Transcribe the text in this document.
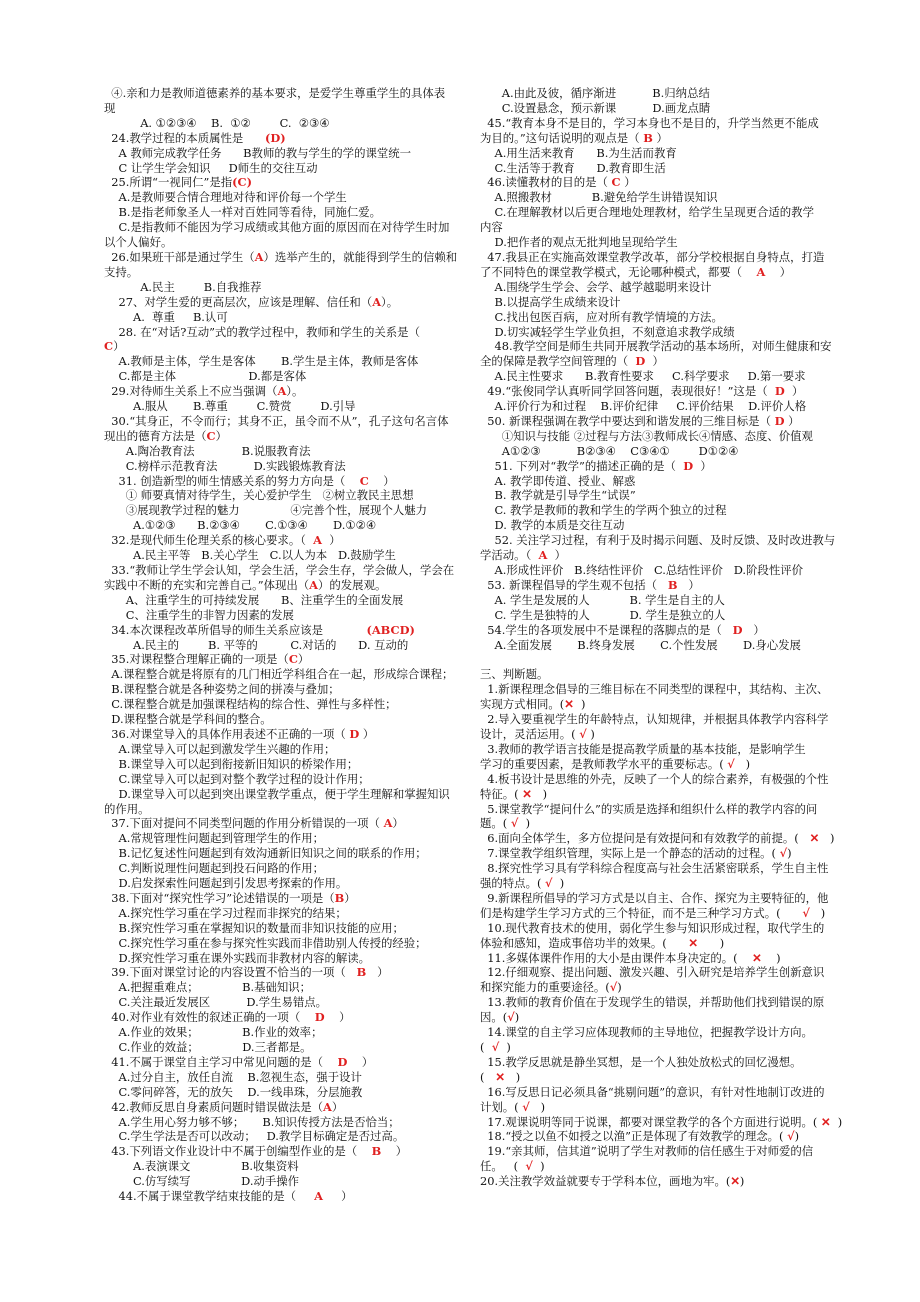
④.亲和力是教师道德素养的基本要求，是爱学生尊重学生的具体表
现
A. ①②③④    B.  ①②        C.  ②③④
24.教学过程的本质属性是      (D)
A 教师完成教学任务      B教师的教与学生的学的课堂统一
C 让学生学会知识     D师生的交往互动
25.所谓“一视同仁”是指(C)
A.是教师要合情合理地对待和评价每一个学生
B.是指老师象圣人一样对百姓同等看待，同施仁爱。
C.是指教师不能因为学习成绩或其他方面的原因而在对待学生时加
以个人偏好。
26.如果班干部是通过学生（A）选举产生的，就能得到学生的信赖和
支持。
A.民主        B.自我推荐
27、对学生爱的更高层次，应该是理解、信任和（A）。
A.  尊重     B.认可
28. 在“对话?互动”式的教学过程中，教师和学生的关系是（
C）
A.教师是主体，学生是客体       B.学生是主体，教师是客体
C.都是主体                    D.都是客体
29.对待师生关系上不应当强调（A）。
A.服从       B.尊重        C.赞赏        D.引导
30.“其身正，不令而行；其身不正，虽令而不从”，孔子这句名言体
现出的德育方法是（C）
A.陶冶教育法             B.说服教育法
C.榜样示范教育法          D.实践锻炼教育法
31. 创造新型的师生情感关系的努力方向是（    C    ）
① 师要真情对待学生，关心爱护学生   ②树立教民主思想
③展现教学过程的魅力              ④完善个性，展现个人魅力
A.①②③      B.②③④       C.①③④       D.①②④
32.是现代师生伦理关系的核心要求。（  A  ）
A.民主平等   B.关心学生   C.以人为本   D.鼓励学生
33.“教师让学生学会认知，学会生活，学会生存，学会做人，学会在
实践中不断的充实和完善自己。”体现出（A）的发展观。
A、注重学生的可持续发展      B、注重学生的全面发展
C、注重学生的非智力因素的发展
34.本次课程改革所倡导的师生关系应该是            (ABCD)
A.民主的        B. 平等的         C.对话的      D. 互动的
35.对课程整合理解正确的一项是（C）
A.课程整合就是将原有的几门相近学科组合在一起，形成综合课程；
B.课程整合就是各种姿势之间的拼凑与叠加；
C.课程整合就是加强课程结构的综合性、弹性与多样性；
D.课程整合就是学科间的整合。
36.对课堂导入的具体作用表述不正确的一项（ D ）
A.课堂导入可以起到激发学生兴趣的作用；
B.课堂导入可以起到衔接新旧知识的桥梁作用；
C.课堂导入可以起到对整个教学过程的设计作用；
D.课堂导入可以起到突出课堂教学重点，便于学生理解和掌握知识
的作用。
37.下面对提问不同类型问题的作用分析错误的一项（ A）
A.常规管理性问题起到管理学生的作用；
B.记忆复述性问题起到有效沟通新旧知识之间的联系的作用；
C.判断说理性问题起到投石问路的作用；
D.启发探索性问题起到引发思考探索的作用。
38.下面对“探究性学习”论述错误的一项是（B）
A.探究性学习重在学习过程而非探究的结果；
B.探究性学习重在掌握知识的数量而非知识技能的应用；
C.探究性学习重在参与探究性实践而非借助别人传授的经验；
D.探究性学习重在课外实践而非教材内容的解读。
39.下面对课堂讨论的内容设置不恰当的一项（   B   ）
A.把握重难点；            B.基础知识；
C.关注最近发展区          D.学生易错点。
40.对作业有效性的叙述正确的一项（    D    ）
A.作业的效果；            B.作业的效率；
C.作业的效益；            D.三者都是。
41.不属于课堂自主学习中常见问题的是（    D    ）
A.过分自主，放任自流    B.忽视生态，强于设计
C.零问碎答，无的放矢    D.一线串珠，分层施教
42.教师反思自身素质问题时错误做法是（A）
A.学生用心努力够不够；     B.知识传授方法是否恰当；
C.学生学法是否可以改动；   D.教学目标确定是否过高。
43.下列语文作业设计中不属于创编型作业的是（    B    ）
A.表演课文              B.收集资料
C.仿写续写              D.动手操作
44.不属于课堂教学结束技能的是（     A     ）
A.由此及彼，循序渐进          B.归纳总结
C.设置悬念，预示新课          D.画龙点睛
45.“教育本身不是目的，学习本身也不是目的，升学当然更不能成
为目的。”这句话说明的观点是（ B ）
A.用生活来教育      B.为生活而教育
C.生活等于教育      D.教育即生活
46.读懂教材的目的是（ C ）
A.照搬教材           B.避免给学生讲错误知识
C.在理解教材以后更合理地处理教材，给学生呈现更合适的教学
内容
D.把作者的观点无批判地呈现给学生
47.我县正在实施高效课堂教学改革，部分学校根据自身特点，打造
了不同特色的课堂教学模式，无论哪种模式，都要（    A    ）
A.围绕学生学会、会学、越学越聪明来设计
B.以提高学生成绩来设计
C.找出包医百病，应对所有教学情境的方法。
D.切实减轻学生学业负担，不刻意追求教学成绩
48.教学空间是师生共同开展教学活动的基本场所，对师生健康和安
全的保障是教学空间管理的（  D  ）
A.民主性要求      B.教育性要求     C.科学要求     D.第一要求
49.“张俊同学认真听同学回答问题，表现很好！”这是（  D  ）
A.评价行为和过程    B.评价纪律     C.评价结果    D.评价人格
50. 新课程强调在教学中要达到和谐发展的三维目标是（ D ）
①知识与技能 ②过程与方法③教师成长④情感、态度、价值观
A①②③          B②③④    C③④①        D①②④
51. 下列对“教学”的描述正确的是（  D  ）
A. 教学即传道、授业、解惑
B. 教学就是引导学生“试误”
C. 教学是教师的教和学生的学两个独立的过程
D. 教学的本质是交往互动
52. 关注学习过程，有利于及时揭示问题、及时反馈、及时改进教与
学活动。（  A  ）
A.形成性评价   B.终结性评价   C.总结性评价   D.阶段性评价
53. 新课程倡导的学生观不包括（   B   ）
A. 学生是发展的人           B. 学生是自主的人
C. 学生是独特的人           D. 学生是独立的人
54.学生的各项发展中不是课程的落脚点的是（   D   ）
A.全面发展       B.终身发展       C.个性发展       D.身心发展

三、判断题。
1.新课程理念倡导的三维目标在不同类型的课程中，其结构、主次、
实现方式相同。(✕  )
2.导入要重视学生的年龄特点，认知规律，并根据具体教学内容科学
设计，灵活运用。( √ )
3.教师的教学语言技能是提高教学质量的基本技能，是影响学生
学习的重要因素，是教师教学水平的重要标志。( √   )
4.板书设计是思维的外壳，反映了一个人的综合素养，有极强的个性
特征。( ✕   )
5.课堂教学“提问什么”的实质是选择和组织什么样的教学内容的问
题。( √  )
6.面向全体学生，多方位提问是有效提问和有效教学的前提。(   ✕   )
7.课堂教学组织管理，实际上是一个静态的活动的过程。( √)
8.探究性学习具有学科综合程度高与社会生活紧密联系，学生自主性
强的特点。( √  )
9.新课程所倡导的学习方式是以自主、合作、探究为主要特征的，他
们是构建学生学习方式的三个特征，而不是三种学习方式。(      √   )
10.现代教育技术的使用，弱化学生参与知识形成过程，取代学生的
体验和感知，造成事倍功半的效果。(      ✕      )
11.多媒体课件作用的大小是由课件本身决定的。(    ✕    )
12.仔细观察、提出问题、激发兴趣、引入研究是培养学生创新意识
和探究能力的重要途径。(√)
13.教师的教育价值在于发现学生的错误，并帮助他们找到错误的原
因。(√)
14.课堂的自主学习应体现教师的主导地位，把握教学设计方向。
(  √  )
15.教学反思就是静坐冥想，是一个人独处放松式的回忆漫想。
(   ✕   )
16.写反思日记必须具备“挑剔问题”的意识，有针对性地制订改进的
计划。( √   )
17.观课说明等同于说课，都要对课堂教学的各个方面进行说明。( ✕  )
18.“授之以鱼不如授之以渔”正是体现了有效教学的理念。( √)
19.“亲其师，信其道”说明了学生对教师的信任感生于对师爱的信
任。   (  √  )
20.关注教学效益就要专于学科本位，画地为牢。(✕)
